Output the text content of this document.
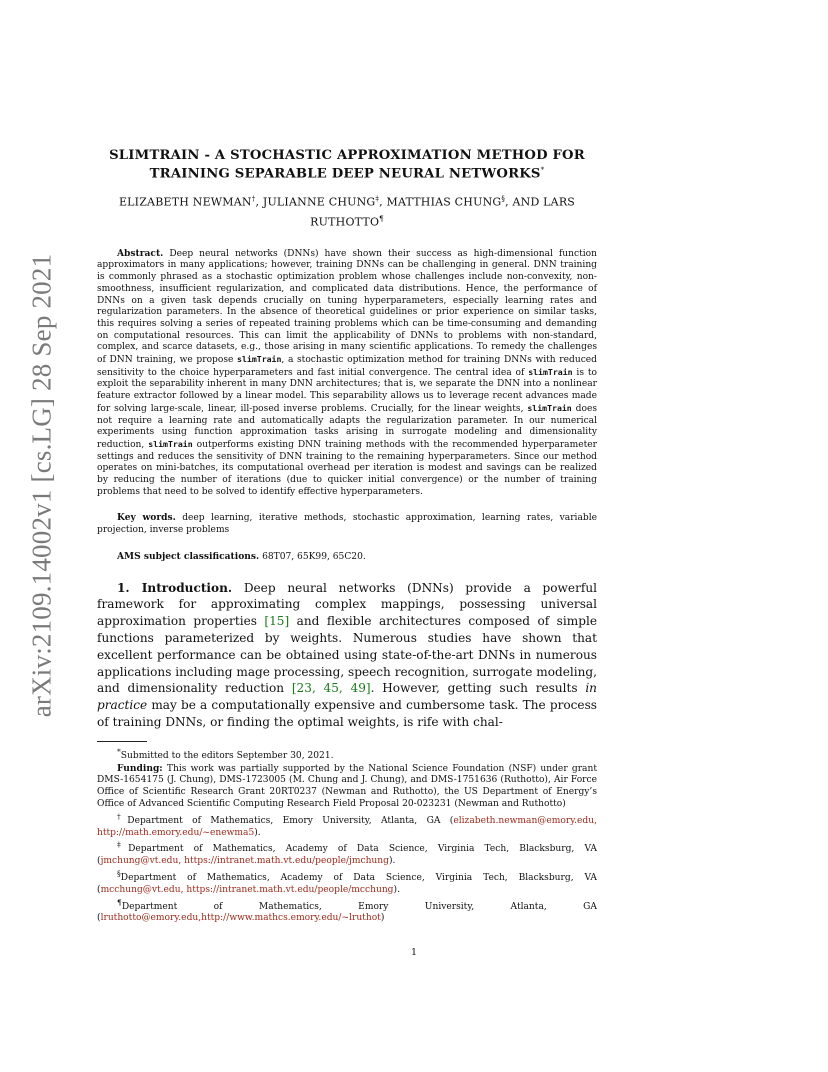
arXiv:2109.14002v1 [cs.LG] 28 Sep 2021
SLIMTRAIN - A STOCHASTIC APPROXIMATION METHOD FOR
TRAINING SEPARABLE DEEP NEURAL NETWORKS*
ELIZABETH NEWMAN†, JULIANNE CHUNG‡, MATTHIAS CHUNG§, AND LARS
RUTHOTTO¶
Abstract. Deep neural networks (DNNs) have shown their success as high-dimensional function approximators in many applications; however, training DNNs can be challenging in general. DNN training is commonly phrased as a stochastic optimization problem whose challenges include non-convexity, non-smoothness, insufficient regularization, and complicated data distributions. Hence, the performance of DNNs on a given task depends crucially on tuning hyperparameters, especially learning rates and regularization parameters. In the absence of theoretical guidelines or prior experience on similar tasks, this requires solving a series of repeated training problems which can be time-consuming and demanding on computational resources. This can limit the applicability of DNNs to problems with non-standard, complex, and scarce datasets, e.g., those arising in many scientific applications. To remedy the challenges of DNN training, we propose slimTrain, a stochastic optimization method for training DNNs with reduced sensitivity to the choice hyperparameters and fast initial convergence. The central idea of slimTrain is to exploit the separability inherent in many DNN architectures; that is, we separate the DNN into a nonlinear feature extractor followed by a linear model. This separability allows us to leverage recent advances made for solving large-scale, linear, ill-posed inverse problems. Crucially, for the linear weights, slimTrain does not require a learning rate and automatically adapts the regularization parameter. In our numerical experiments using function approximation tasks arising in surrogate modeling and dimensionality reduction, slimTrain outperforms existing DNN training methods with the recommended hyperparameter settings and reduces the sensitivity of DNN training to the remaining hyperparameters. Since our method operates on mini-batches, its computational overhead per iteration is modest and savings can be realized by reducing the number of iterations (due to quicker initial convergence) or the number of training problems that need to be solved to identify effective hyperparameters.
Key words. deep learning, iterative methods, stochastic approximation, learning rates, variable projection, inverse problems
AMS subject classifications. 68T07, 65K99, 65C20.
1. Introduction. Deep neural networks (DNNs) provide a powerful framework for approximating complex mappings, possessing universal approximation properties [15] and flexible architectures composed of simple functions parameterized by weights. Numerous studies have shown that excellent performance can be obtained using state-of-the-art DNNs in numerous applications including mage processing, speech recognition, surrogate modeling, and dimensionality reduction [23, 45, 49]. However, getting such results in practice may be a computationally expensive and cumbersome task. The process of training DNNs, or finding the optimal weights, is rife with chal-

*Submitted to the editors September 30, 2021.

Funding: This work was partially supported by the National Science Foundation (NSF) under grant DMS-1654175 (J. Chung), DMS-1723005 (M. Chung and J. Chung), and DMS-1751636 (Ruthotto), Air Force Office of Scientific Research Grant 20RT0237 (Newman and Ruthotto), the US Department of Energy’s Office of Advanced Scientific Computing Research Field Proposal 20-023231 (Newman and Ruthotto)

†Department of Mathematics, Emory University, Atlanta, GA (elizabeth.newman@emory.edu, http://math.emory.edu/~enewma5).

‡Department of Mathematics, Academy of Data Science, Virginia Tech, Blacksburg, VA (jmchung@vt.edu, https://intranet.math.vt.edu/people/jmchung).

§Department of Mathematics, Academy of Data Science, Virginia Tech, Blacksburg, VA (mcchung@vt.edu, https://intranet.math.vt.edu/people/mcchung).

¶Department of Mathematics, Emory University, Atlanta, GA (lruthotto@emory.edu,http://www.mathcs.emory.edu/~lruthot)

1
